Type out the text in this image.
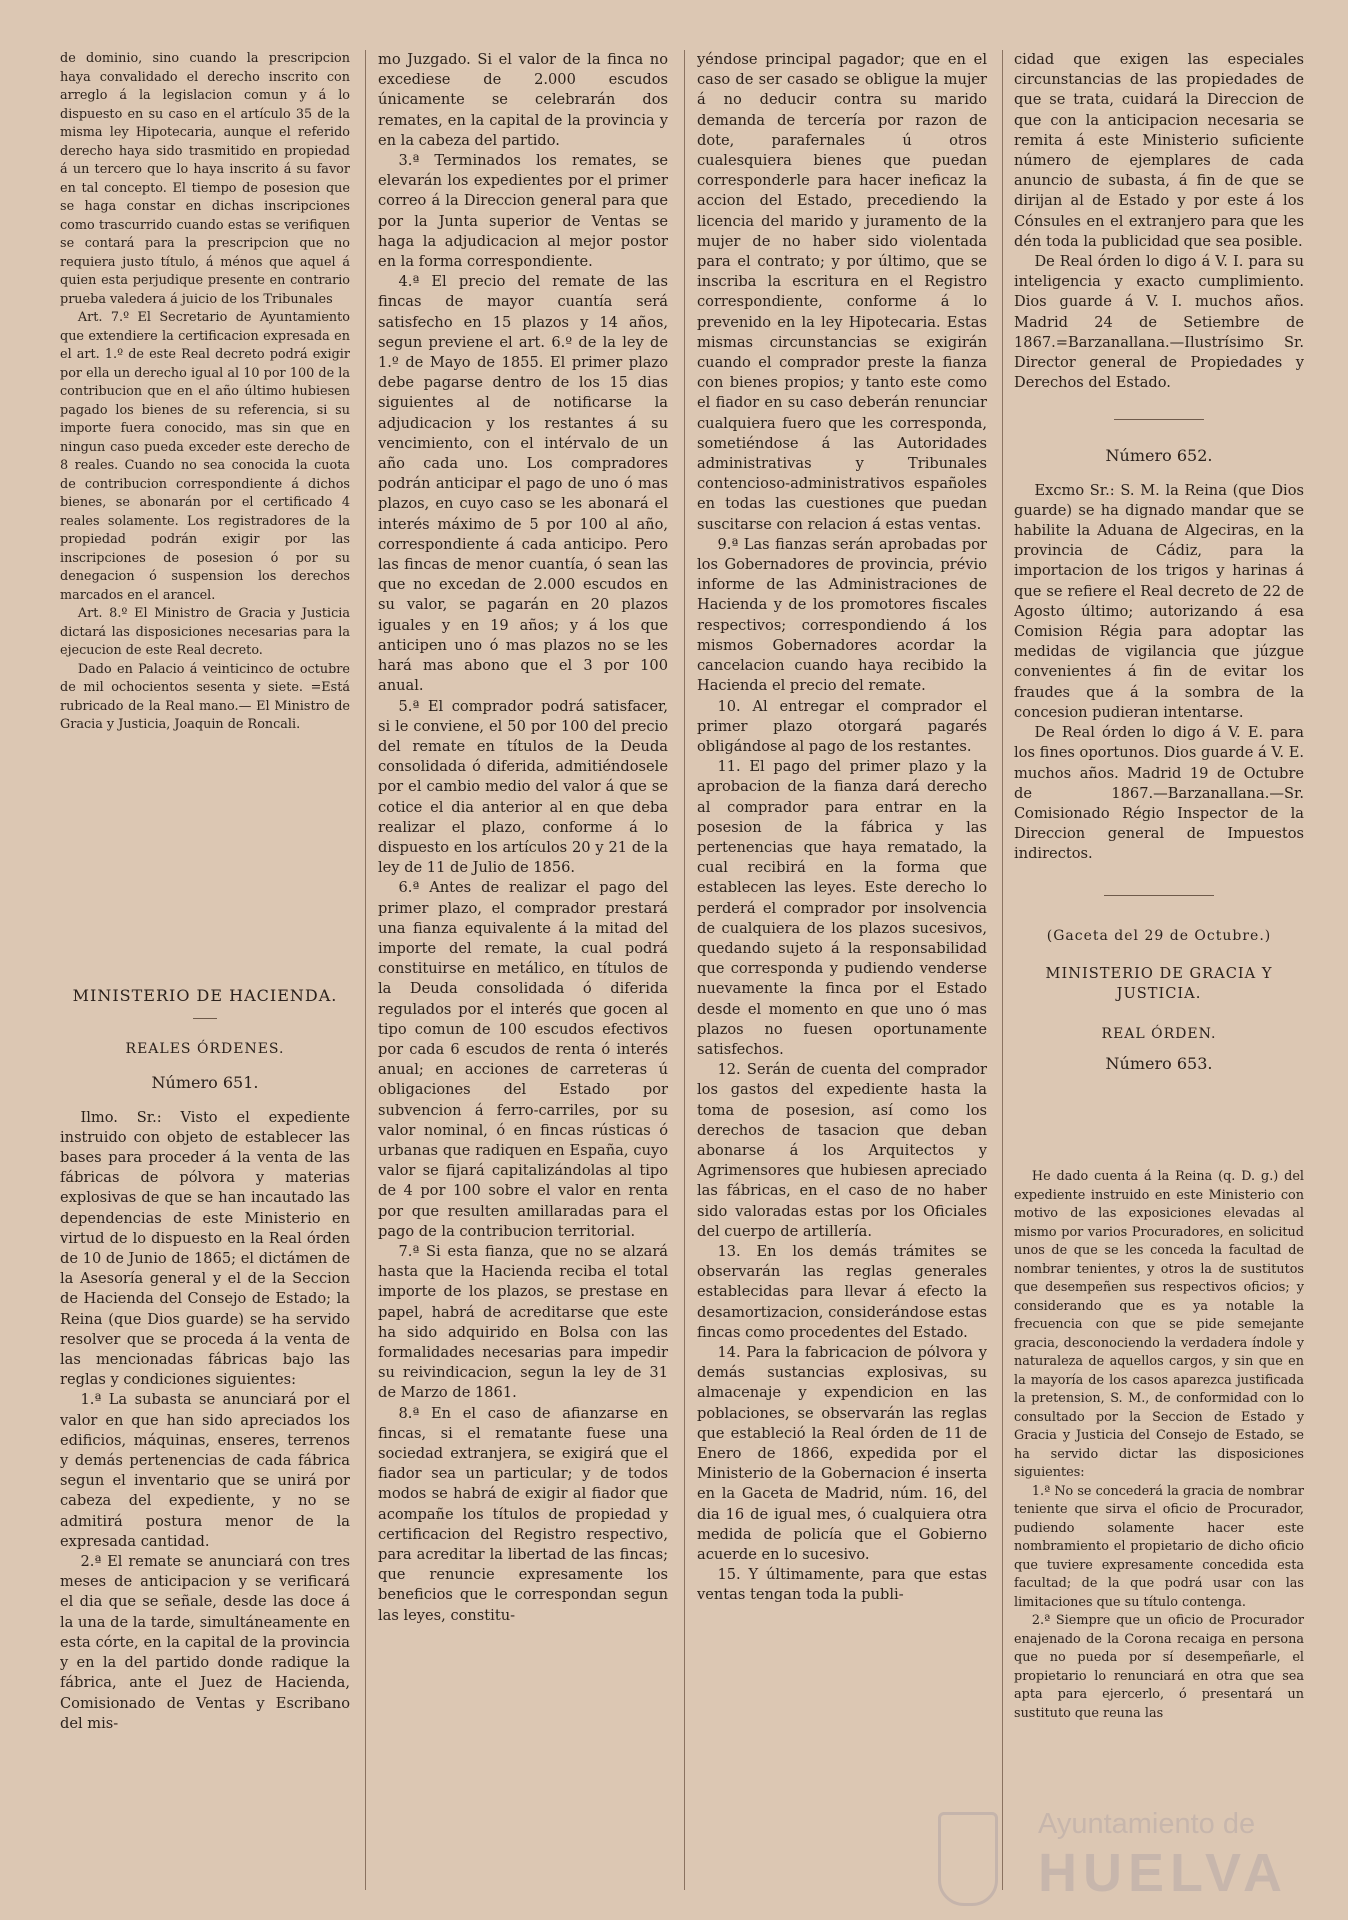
de dominio, sino cuando la prescripcion haya convalidado el derecho inscrito con arreglo á la legislacion comun y á lo dispuesto en su caso en el artículo 35 de la misma ley Hipotecaria, aunque el referido derecho haya sido trasmitido en propiedad á un tercero que lo haya inscrito á su favor en tal concepto. El tiempo de posesion que se haga constar en dichas inscripciones como trascurrido cuando estas se verifiquen se contará para la prescripcion que no requiera justo título, á ménos que aquel á quien esta perjudique presente en contrario prueba valedera á juicio de los Tribunales

Art. 7.º El Secretario de Ayuntamiento que extendiere la certificacion expresada en el art. 1.º de este Real decreto podrá exigir por ella un derecho igual al 10 por 100 de la contribucion que en el año último hubiesen pagado los bienes de su referencia, si su importe fuera conocido, mas sin que en ningun caso pueda exceder este derecho de 8 reales. Cuando no sea conocida la cuota de contribucion correspondiente á dichos bienes, se abonarán por el certificado 4 reales solamente. Los registradores de la propiedad podrán exigir por las inscripciones de posesion ó por su denegacion ó suspension los derechos marcados en el arancel.

Art. 8.º El Ministro de Gracia y Justicia dictará las disposiciones necesarias para la ejecucion de este Real decreto.

Dado en Palacio á veinticinco de octubre de mil ochocientos sesenta y siete. =Está rubricado de la Real mano.— El Ministro de Gracia y Justicia, Joaquin de Roncali.

MINISTERIO DE HACIENDA.

REALES ÓRDENES.

Número 651.

Ilmo. Sr.: Visto el expediente instruido con objeto de establecer las bases para proceder á la venta de las fábricas de pólvora y materias explosivas de que se han incautado las dependencias de este Ministerio en virtud de lo dispuesto en la Real órden de 10 de Junio de 1865; el dictámen de la Asesoría general y el de la Seccion de Hacienda del Consejo de Estado; la Reina (que Dios guarde) se ha servido resolver que se proceda á la venta de las mencionadas fábricas bajo las reglas y condiciones siguientes:

1.ª La subasta se anunciará por el valor en que han sido apreciados los edificios, máquinas, enseres, terrenos y demás pertenencias de cada fábrica segun el inventario que se unirá por cabeza del expediente, y no se admitirá postura menor de la expresada cantidad.

2.ª El remate se anunciará con tres meses de anticipacion y se verificará el dia que se señale, desde las doce á la una de la tarde, simultáneamente en esta córte, en la capital de la provincia y en la del partido donde radique la fábrica, ante el Juez de Hacienda, Comisionado de Ventas y Escribano del mis-

mo Juzgado. Si el valor de la finca no excediese de 2.000 escudos únicamente se celebrarán dos remates, en la capital de la provincia y en la cabeza del partido.

3.ª Terminados los remates, se elevarán los expedientes por el primer correo á la Direccion general para que por la Junta superior de Ventas se haga la adjudicacion al mejor postor en la forma correspondiente.

4.ª El precio del remate de las fincas de mayor cuantía será satisfecho en 15 plazos y 14 años, segun previene el art. 6.º de la ley de 1.º de Mayo de 1855. El primer plazo debe pagarse dentro de los 15 dias siguientes al de notificarse la adjudicacion y los restantes á su vencimiento, con el intérvalo de un año cada uno. Los compradores podrán anticipar el pago de uno ó mas plazos, en cuyo caso se les abonará el interés máximo de 5 por 100 al año, correspondiente á cada anticipo. Pero las fincas de menor cuantía, ó sean las que no excedan de 2.000 escudos en su valor, se pagarán en 20 plazos iguales y en 19 años; y á los que anticipen uno ó mas plazos no se les hará mas abono que el 3 por 100 anual.

5.ª El comprador podrá satisfacer, si le conviene, el 50 por 100 del precio del remate en títulos de la Deuda consolidada ó diferida, admitiéndosele por el cambio medio del valor á que se cotice el dia anterior al en que deba realizar el plazo, conforme á lo dispuesto en los artículos 20 y 21 de la ley de 11 de Julio de 1856.

6.ª Antes de realizar el pago del primer plazo, el comprador prestará una fianza equivalente á la mitad del importe del remate, la cual podrá constituirse en metálico, en títulos de la Deuda consolidada ó diferida regulados por el interés que gocen al tipo comun de 100 escudos efectivos por cada 6 escudos de renta ó interés anual; en acciones de carreteras ú obligaciones del Estado por subvencion á ferro-carriles, por su valor nominal, ó en fincas rústicas ó urbanas que radiquen en España, cuyo valor se fijará capitalizándolas al tipo de 4 por 100 sobre el valor en renta por que resulten amillaradas para el pago de la contribucion territorial.

7.ª Si esta fianza, que no se alzará hasta que la Hacienda reciba el total importe de los plazos, se prestase en papel, habrá de acreditarse que este ha sido adquirido en Bolsa con las formalidades necesarias para impedir su reivindicacion, segun la ley de 31 de Marzo de 1861.

8.ª En el caso de afianzarse en fincas, si el rematante fuese una sociedad extranjera, se exigirá que el fiador sea un particular; y de todos modos se habrá de exigir al fiador que acompañe los títulos de propiedad y certificacion del Registro respectivo, para acreditar la libertad de las fincas; que renuncie expresamente los beneficios que le correspondan segun las leyes, constitu-

yéndose principal pagador; que en el caso de ser casado se obligue la mujer á no deducir contra su marido demanda de tercería por razon de dote, parafernales ú otros cualesquiera bienes que puedan corresponderle para hacer ineficaz la accion del Estado, precediendo la licencia del marido y juramento de la mujer de no haber sido violentada para el contrato; y por último, que se inscriba la escritura en el Registro correspondiente, conforme á lo prevenido en la ley Hipotecaria. Estas mismas circunstancias se exigirán cuando el comprador preste la fianza con bienes propios; y tanto este como el fiador en su caso deberán renunciar cualquiera fuero que les corresponda, sometiéndose á las Autoridades administrativas y Tribunales contencioso-administrativos españoles en todas las cuestiones que puedan suscitarse con relacion á estas ventas.

9.ª Las fianzas serán aprobadas por los Gobernadores de provincia, prévio informe de las Administraciones de Hacienda y de los promotores fiscales respectivos; correspondiendo á los mismos Gobernadores acordar la cancelacion cuando haya recibido la Hacienda el precio del remate.

10. Al entregar el comprador el primer plazo otorgará pagarés obligándose al pago de los restantes.

11. El pago del primer plazo y la aprobacion de la fianza dará derecho al comprador para entrar en la posesion de la fábrica y las pertenencias que haya rematado, la cual recibirá en la forma que establecen las leyes. Este derecho lo perderá el comprador por insolvencia de cualquiera de los plazos sucesivos, quedando sujeto á la responsabilidad que corresponda y pudiendo venderse nuevamente la finca por el Estado desde el momento en que uno ó mas plazos no fuesen oportunamente satisfechos.

12. Serán de cuenta del comprador los gastos del expediente hasta la toma de posesion, así como los derechos de tasacion que deban abonarse á los Arquitectos y Agrimensores que hubiesen apreciado las fábricas, en el caso de no haber sido valoradas estas por los Oficiales del cuerpo de artillería.

13. En los demás trámites se observarán las reglas generales establecidas para llevar á efecto la desamortizacion, considerándose estas fincas como procedentes del Estado.

14. Para la fabricacion de pólvora y demás sustancias explosivas, su almacenaje y expendicion en las poblaciones, se observarán las reglas que estableció la Real órden de 11 de Enero de 1866, expedida por el Ministerio de la Gobernacion é inserta en la Gaceta de Madrid, núm. 16, del dia 16 de igual mes, ó cualquiera otra medida de policía que el Gobierno acuerde en lo sucesivo.

15. Y últimamente, para que estas ventas tengan toda la publi-

cidad que exigen las especiales circunstancias de las propiedades de que se trata, cuidará la Direccion de que con la anticipacion necesaria se remita á este Ministerio suficiente número de ejemplares de cada anuncio de subasta, á fin de que se dirijan al de Estado y por este á los Cónsules en el extranjero para que les dén toda la publicidad que sea posible.

De Real órden lo digo á V. I. para su inteligencia y exacto cumplimiento. Dios guarde á V. I. muchos años. Madrid 24 de Setiembre de 1867.=Barzanallana.—Ilustrísimo Sr. Director general de Propiedades y Derechos del Estado.

Número 652.

Excmo Sr.: S. M. la Reina (que Dios guarde) se ha dignado mandar que se habilite la Aduana de Algeciras, en la provincia de Cádiz, para la importacion de los trigos y harinas á que se refiere el Real decreto de 22 de Agosto último; autorizando á esa Comision Régia para adoptar las medidas de vigilancia que júzgue convenientes á fin de evitar los fraudes que á la sombra de la concesion pudieran intentarse.

De Real órden lo digo á V. E. para los fines oportunos. Dios guarde á V. E. muchos años. Madrid 19 de Octubre de 1867.—Barzanallana.—Sr. Comisionado Régio Inspector de la Direccion general de Impuestos indirectos.

(Gaceta del 29 de Octubre.)

MINISTERIO DE GRACIA Y JUSTICIA.

REAL ÓRDEN.

Número 653.

He dado cuenta á la Reina (q. D. g.) del expediente instruido en este Ministerio con motivo de las exposiciones elevadas al mismo por varios Procuradores, en solicitud unos de que se les conceda la facultad de nombrar tenientes, y otros la de sustitutos que desempeñen sus respectivos oficios; y considerando que es ya notable la frecuencia con que se pide semejante gracia, desconociendo la verdadera índole y naturaleza de aquellos cargos, y sin que en la mayoría de los casos aparezca justificada la pretension, S. M., de conformidad con lo consultado por la Seccion de Estado y Gracia y Justicia del Consejo de Estado, se ha servido dictar las disposiciones siguientes:

1.ª No se concederá la gracia de nombrar teniente que sirva el oficio de Procurador, pudiendo solamente hacer este nombramiento el propietario de dicho oficio que tuviere expresamente concedida esta facultad; de la que podrá usar con las limitaciones que su título contenga.

2.ª Siempre que un oficio de Procurador enajenado de la Corona recaiga en persona que no pueda por sí desempeñarle, el propietario lo renunciará en otra que sea apta para ejercerlo, ó presentará un sustituto que reuna las

Ayuntamiento de
HUELVA
